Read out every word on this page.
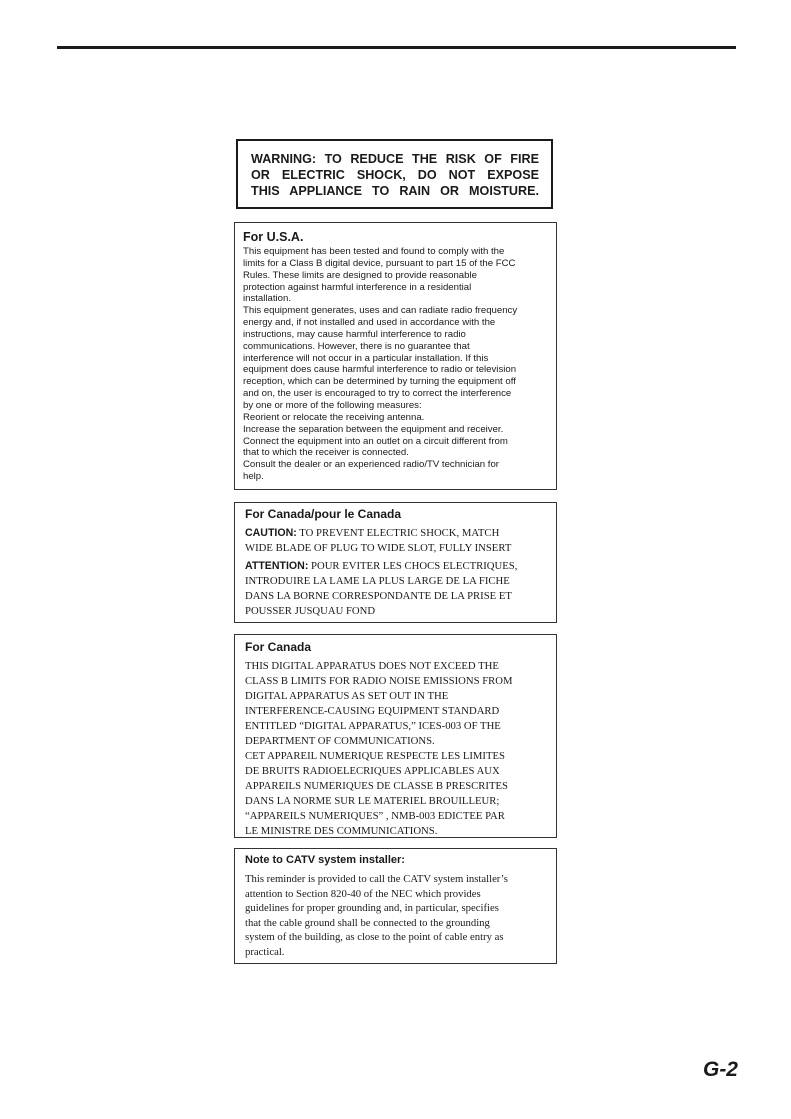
WARNING: TO REDUCE THE RISK OF FIRE

OR ELECTRIC SHOCK, DO NOT EXPOSE

THIS APPLIANCE TO RAIN OR MOISTURE.

For U.S.A.

This equipment has been tested and found to comply with the

limits for a Class B digital device, pursuant to part 15 of the FCC

Rules. These limits are designed to provide reasonable

protection against harmful interference in a residential

installation.

This equipment generates, uses and can radiate radio frequency

energy and, if not installed and used in accordance with the

instructions, may cause harmful interference to radio

communications. However, there is no guarantee that

interference will not occur in a particular installation. If this

equipment does cause harmful interference to radio or television

reception, which can be determined by turning the equipment off

and on, the user is encouraged to try to correct the interference

by one or more of the following measures:

Reorient or relocate the receiving antenna.

Increase the separation between the equipment and receiver.

Connect the equipment into an outlet on a circuit different from

that to which the receiver is connected.

Consult the dealer or an experienced radio/TV technician for

help.

For Canada/pour le Canada

CAUTION: TO PREVENT ELECTRIC SHOCK, MATCH

WIDE BLADE OF PLUG TO WIDE SLOT, FULLY INSERT

ATTENTION: POUR EVITER LES CHOCS ELECTRIQUES,

INTRODUIRE LA LAME LA PLUS LARGE DE LA FICHE

DANS LA BORNE CORRESPONDANTE DE LA PRISE ET

POUSSER JUSQUAU FOND

For Canada

THIS DIGITAL APPARATUS DOES NOT EXCEED THE

CLASS B LIMITS FOR RADIO NOISE EMISSIONS FROM

DIGITAL APPARATUS AS SET OUT IN THE

INTERFERENCE-CAUSING EQUIPMENT STANDARD

ENTITLED “DIGITAL APPARATUS,” ICES-003 OF THE

DEPARTMENT OF COMMUNICATIONS.

CET APPAREIL NUMERIQUE RESPECTE LES LIMITES

DE BRUITS RADIOELECRIQUES APPLICABLES AUX

APPAREILS NUMERIQUES DE CLASSE B PRESCRITES

DANS LA NORME SUR LE MATERIEL BROUILLEUR;

“APPAREILS NUMERIQUES” , NMB-003 EDICTEE PAR

LE MINISTRE DES COMMUNICATIONS.

Note to CATV system installer:

This reminder is provided to call the CATV system installer’s

attention to Section 820-40 of the NEC which provides

guidelines for proper grounding and, in particular, specifies

that the cable ground shall be connected to the grounding

system of the building, as close to the point of cable entry as

practical.

G-2
